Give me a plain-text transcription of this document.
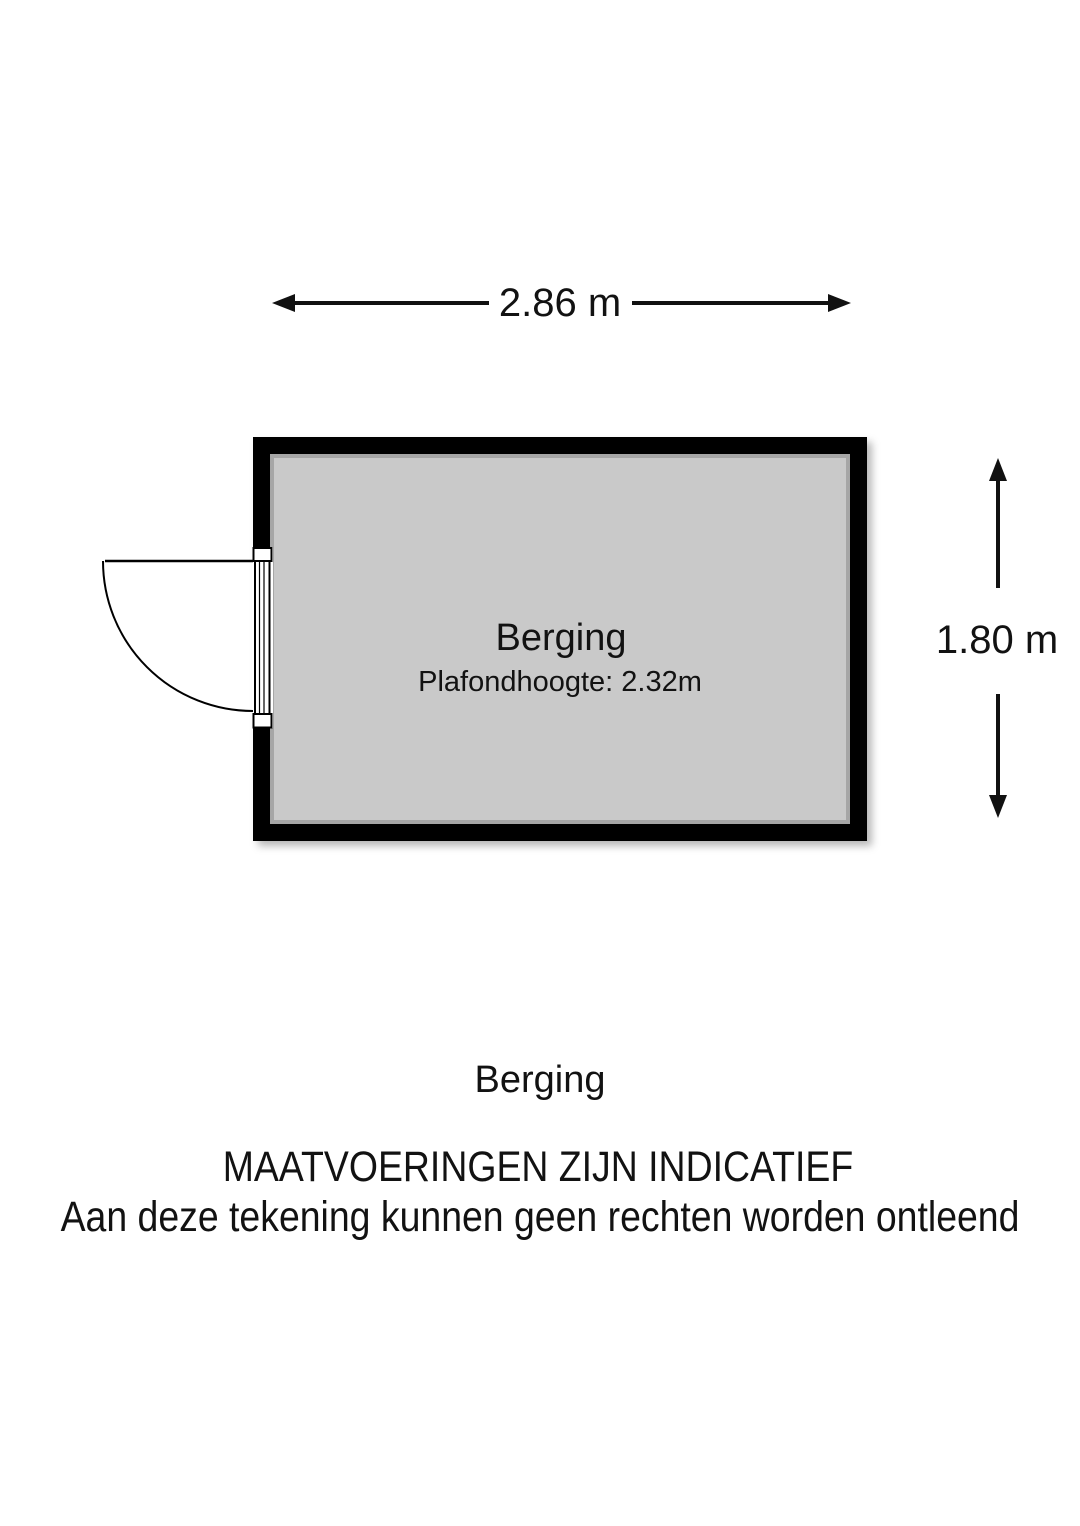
2.86 m
Berging
Plafondhoogte: 2.32m
1.80 m
Berging
MAATVOERINGEN ZIJN INDICATIEF
Aan deze tekening kunnen geen rechten worden ontleend
